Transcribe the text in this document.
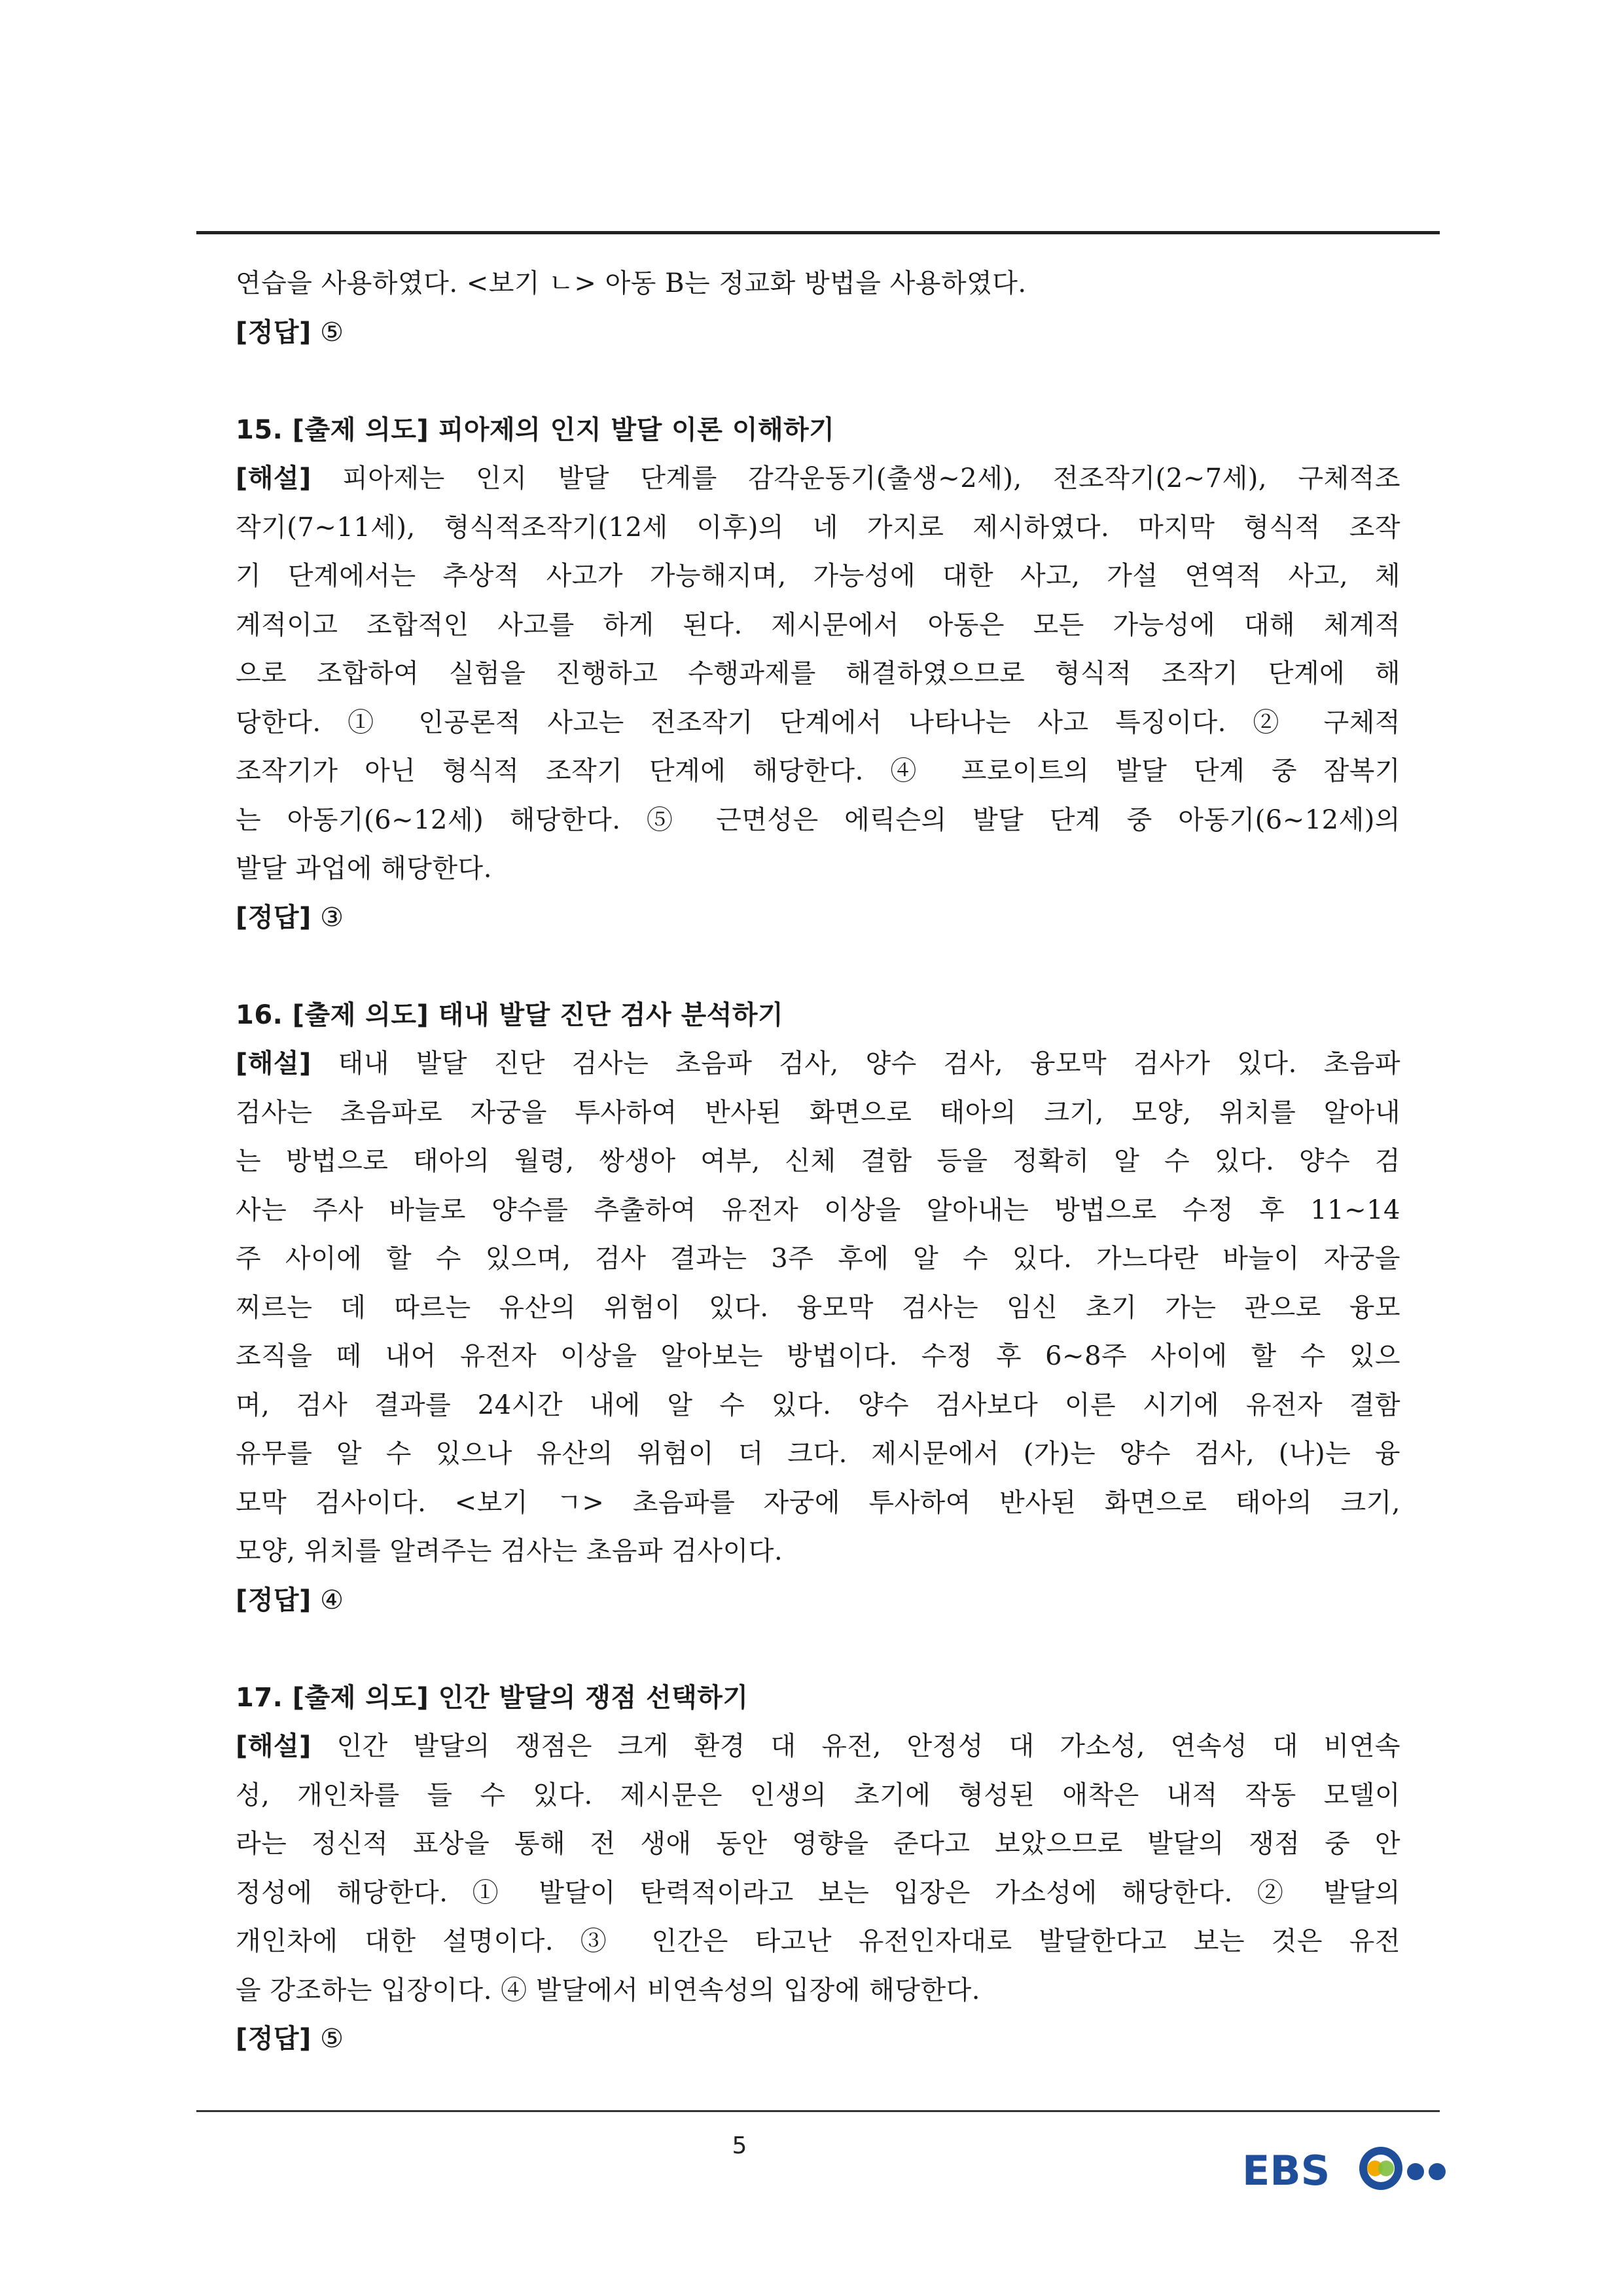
연습을 사용하였다. <보기 ㄴ> 아동 B는 정교화 방법을 사용하였다.
[정답] ⑤
15. [출제 의도] 피아제의 인지 발달 이론 이해하기
[해설] 피아제는 인지 발달 단계를 감각운동기(출생~2세), 전조작기(2~7세), 구체적조
작기(7~11세), 형식적조작기(12세 이후)의 네 가지로 제시하였다. 마지막 형식적 조작
기 단계에서는 추상적 사고가 가능해지며, 가능성에 대한 사고, 가설 연역적 사고, 체
계적이고 조합적인 사고를 하게 된다. 제시문에서 아동은 모든 가능성에 대해 체계적
으로 조합하여 실험을 진행하고 수행과제를 해결하였으므로 형식적 조작기 단계에 해
당한다. ① 인공론적 사고는 전조작기 단계에서 나타나는 사고 특징이다. ② 구체적
조작기가 아닌 형식적 조작기 단계에 해당한다. ④ 프로이트의 발달 단계 중 잠복기
는 아동기(6~12세) 해당한다. ⑤ 근면성은 에릭슨의 발달 단계 중 아동기(6~12세)의
발달 과업에 해당한다.
[정답] ③
16. [출제 의도] 태내 발달 진단 검사 분석하기
[해설] 태내 발달 진단 검사는 초음파 검사, 양수 검사, 융모막 검사가 있다. 초음파
검사는 초음파로 자궁을 투사하여 반사된 화면으로 태아의 크기, 모양, 위치를 알아내
는 방법으로 태아의 월령, 쌍생아 여부, 신체 결함 등을 정확히 알 수 있다. 양수 검
사는 주사 바늘로 양수를 추출하여 유전자 이상을 알아내는 방법으로 수정 후 11~14
주 사이에 할 수 있으며, 검사 결과는 3주 후에 알 수 있다. 가느다란 바늘이 자궁을
찌르는 데 따르는 유산의 위험이 있다. 융모막 검사는 임신 초기 가는 관으로 융모
조직을 떼 내어 유전자 이상을 알아보는 방법이다. 수정 후 6~8주 사이에 할 수 있으
며, 검사 결과를 24시간 내에 알 수 있다. 양수 검사보다 이른 시기에 유전자 결함
유무를 알 수 있으나 유산의 위험이 더 크다. 제시문에서 (가)는 양수 검사, (나)는 융
모막 검사이다. <보기 ㄱ> 초음파를 자궁에 투사하여 반사된 화면으로 태아의 크기,
모양, 위치를 알려주는 검사는 초음파 검사이다.
[정답] ④
17. [출제 의도] 인간 발달의 쟁점 선택하기
[해설] 인간 발달의 쟁점은 크게 환경 대 유전, 안정성 대 가소성, 연속성 대 비연속
성, 개인차를 들 수 있다. 제시문은 인생의 초기에 형성된 애착은 내적 작동 모델이
라는 정신적 표상을 통해 전 생애 동안 영향을 준다고 보았으므로 발달의 쟁점 중 안
정성에 해당한다. ① 발달이 탄력적이라고 보는 입장은 가소성에 해당한다. ② 발달의
개인차에 대한 설명이다. ③ 인간은 타고난 유전인자대로 발달한다고 보는 것은 유전
을 강조하는 입장이다. ④ 발달에서 비연속성의 입장에 해당한다.
[정답] ⑤
5
EBS
